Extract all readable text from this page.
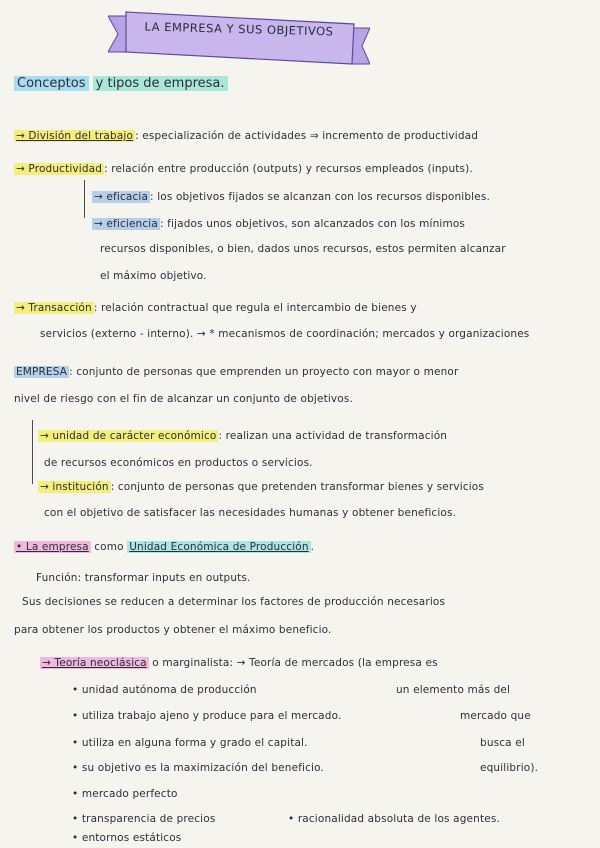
LA EMPRESA Y SUS OBJETIVOS
Conceptos y tipos de empresa.
→ División del trabajo : especialización de actividades ⇒ incremento de productividad
→ Productividad : relación entre producción (outputs) y recursos empleados (inputs).
→ eficacia : los objetivos fijados se alcanzan con los recursos disponibles.
→ eficiencia : fijados unos objetivos, son alcanzados con los mínimos
recursos disponibles, o bien, dados unos recursos, estos permiten alcanzar
el máximo objetivo.
→ Transacción : relación contractual que regula el intercambio de bienes y
servicios (externo - interno). → * mecanismos de coordinación; mercados y organizaciones
EMPRESA : conjunto de personas que emprenden un proyecto con mayor o menor
nivel de riesgo con el fin de alcanzar un conjunto de objetivos.
→ unidad de carácter económico : realizan una actividad de transformación
de recursos económicos en productos o servicios.
→ institución : conjunto de personas que pretenden transformar bienes y servicios
con el objetivo de satisfacer las necesidades humanas y obtener beneficios.
• La empresa como Unidad Económica de Producción .
Función: transformar inputs en outputs.
Sus decisiones se reducen a determinar los factores de producción necesarios
para obtener los productos y obtener el máximo beneficio.
→ Teoría neoclásica o marginalista: → Teoría de mercados (la empresa es
• unidad autónoma de producción	un elemento más del
• utiliza trabajo ajeno y produce para el mercado.	mercado que
• utiliza en alguna forma y grado el capital.	busca el
• su objetivo es la maximización del beneficio.	equilibrio).
• mercado perfecto
• transparencia de precios	• racionalidad absoluta de los agentes.
• entornos estáticos
